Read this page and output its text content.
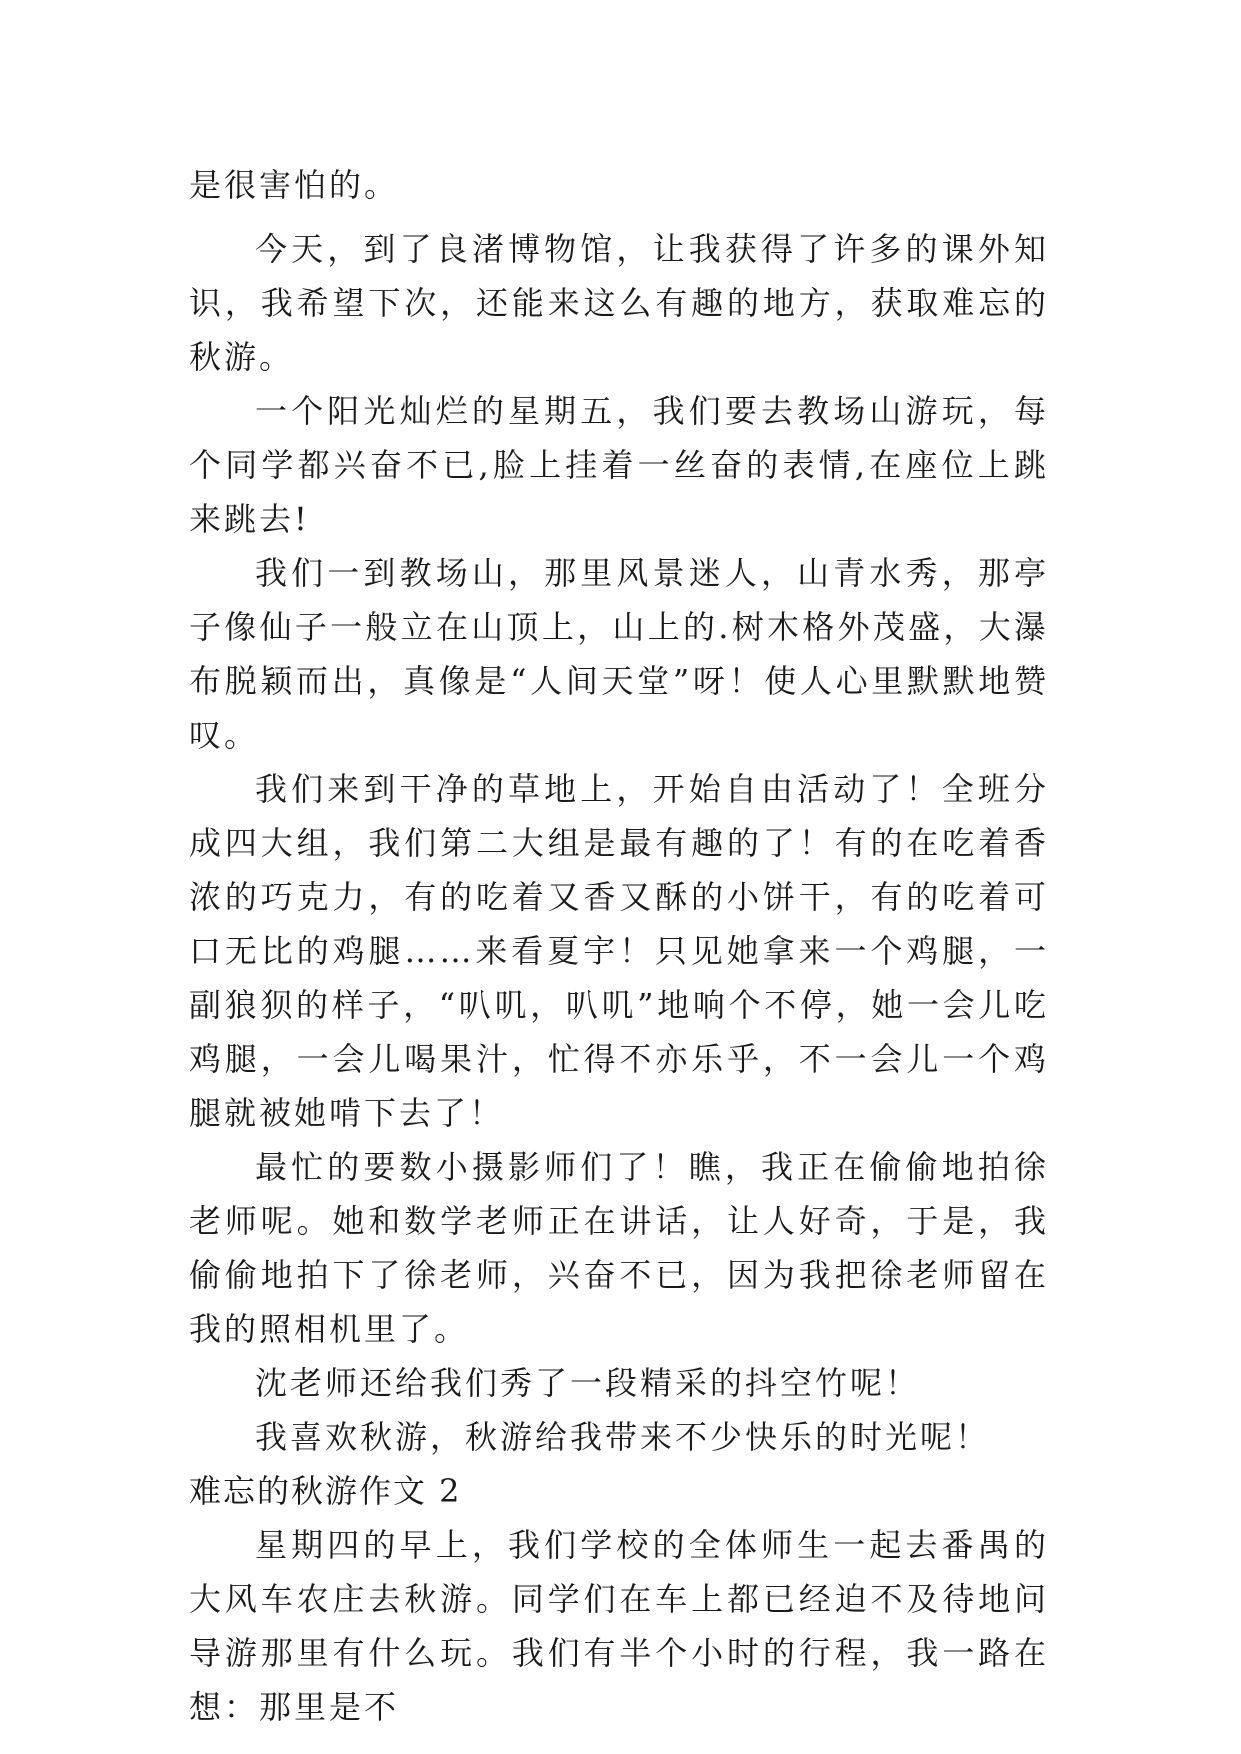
是很害怕的。

今天，到了良渚博物馆，让我获得了许多的课外知识，我希望下次，还能来这么有趣的地方，获取难忘的秋游。

一个阳光灿烂的星期五，我们要去教场山游玩，每个同学都兴奋不已,脸上挂着一丝奋的表情,在座位上跳来跳去!

我们一到教场山，那里风景迷人，山青水秀，那亭子像仙子一般立在山顶上，山上的.树木格外茂盛，大瀑布脱颖而出，真像是“人间天堂”呀！使人心里默默地赞叹。

我们来到干净的草地上，开始自由活动了！全班分成四大组，我们第二大组是最有趣的了！有的在吃着香浓的巧克力，有的吃着又香又酥的小饼干，有的吃着可口无比的鸡腿……来看夏宇！只见她拿来一个鸡腿，一副狼狈的样子，“叭叽，叭叽”地响个不停，她一会儿吃鸡腿，一会儿喝果汁，忙得不亦乐乎，不一会儿一个鸡腿就被她啃下去了！

最忙的要数小摄影师们了！瞧，我正在偷偷地拍徐老师呢。她和数学老师正在讲话，让人好奇，于是，我偷偷地拍下了徐老师，兴奋不已，因为我把徐老师留在我的照相机里了。

沈老师还给我们秀了一段精采的抖空竹呢！

我喜欢秋游，秋游给我带来不少快乐的时光呢！

难忘的秋游作文 2

星期四的早上，我们学校的全体师生一起去番禺的大风车农庄去秋游。同学们在车上都已经迫不及待地问导游那里有什么玩。我们有半个小时的行程，我一路在想：那里是不
